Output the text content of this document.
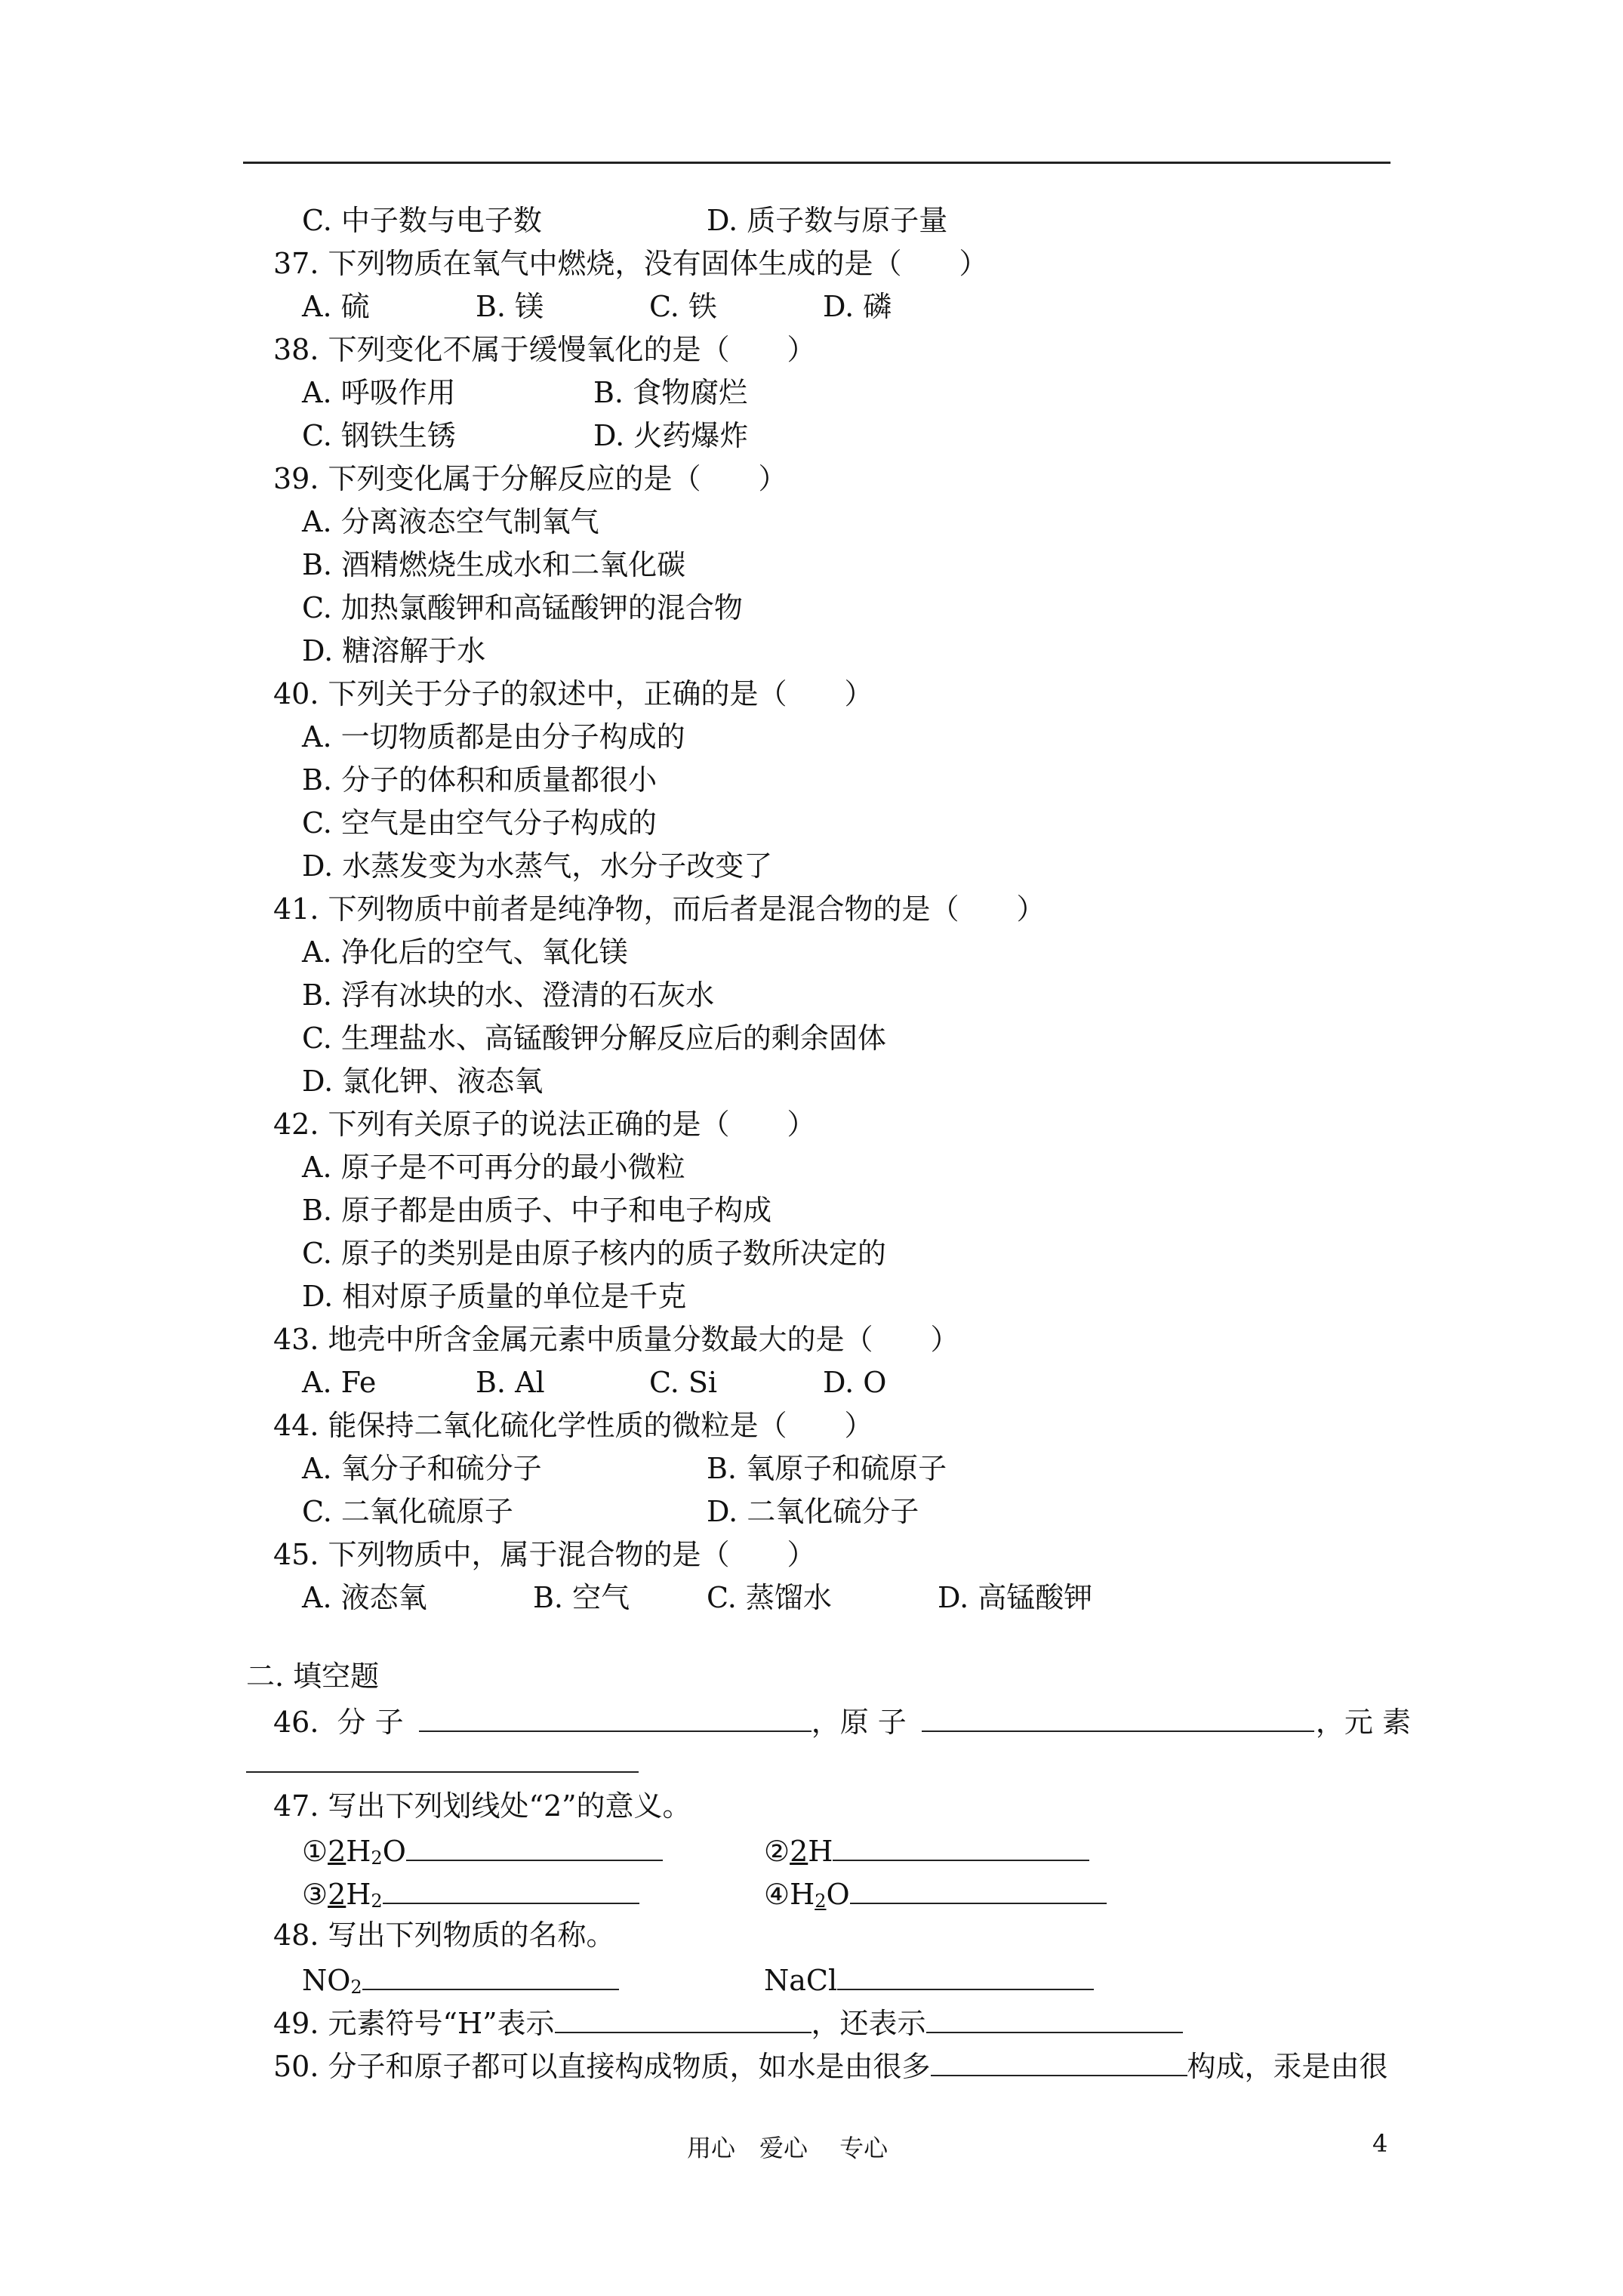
C. 中子数与电子数	D. 质子数与原子量
37. 下列物质在氧气中燃烧，没有固体生成的是（　　）
A. 硫	B. 镁	C. 铁	D. 磷
38. 下列变化不属于缓慢氧化的是（　　）
A. 呼吸作用	B. 食物腐烂
C. 钢铁生锈	D. 火药爆炸
39. 下列变化属于分解反应的是（　　）
A. 分离液态空气制氧气
B. 酒精燃烧生成水和二氧化碳
C. 加热氯酸钾和高锰酸钾的混合物
D. 糖溶解于水
40. 下列关于分子的叙述中，正确的是（　　）
A. 一切物质都是由分子构成的
B. 分子的体积和质量都很小
C. 空气是由空气分子构成的
D. 水蒸发变为水蒸气，水分子改变了
41. 下列物质中前者是纯净物，而后者是混合物的是（　　）
A. 净化后的空气、氧化镁
B. 浮有冰块的水、澄清的石灰水
C. 生理盐水、高锰酸钾分解反应后的剩余固体
D. 氯化钾、液态氧
42. 下列有关原子的说法正确的是（　　）
A. 原子是不可再分的最小微粒
B. 原子都是由质子、中子和电子构成
C. 原子的类别是由原子核内的质子数所决定的
D. 相对原子质量的单位是千克
43. 地壳中所含金属元素中质量分数最大的是（　　）
A. Fe	B. Al	C. Si	D. O
44. 能保持二氧化硫化学性质的微粒是（　　）
A. 氧分子和硫分子	B. 氧原子和硫原子
C. 二氧化硫原子	D. 二氧化硫分子
45. 下列物质中，属于混合物的是（　　）
A. 液态氧	B. 空气	C. 蒸馏水	D. 高锰酸钾
二. 填空题
46. 分 子	，原 子	，元 素
47. 写出下列划线处“2”的意义。
$①2H_2O$	②2H
$③2H_2$	$④H_2O$
48. 写出下列物质的名称。
$NO_2$	NaCl
49. 元素符号“H”表示	，还表示
50. 分子和原子都可以直接构成物质，如水是由很多	构成，汞是由很
用心　爱心　 专心	4
